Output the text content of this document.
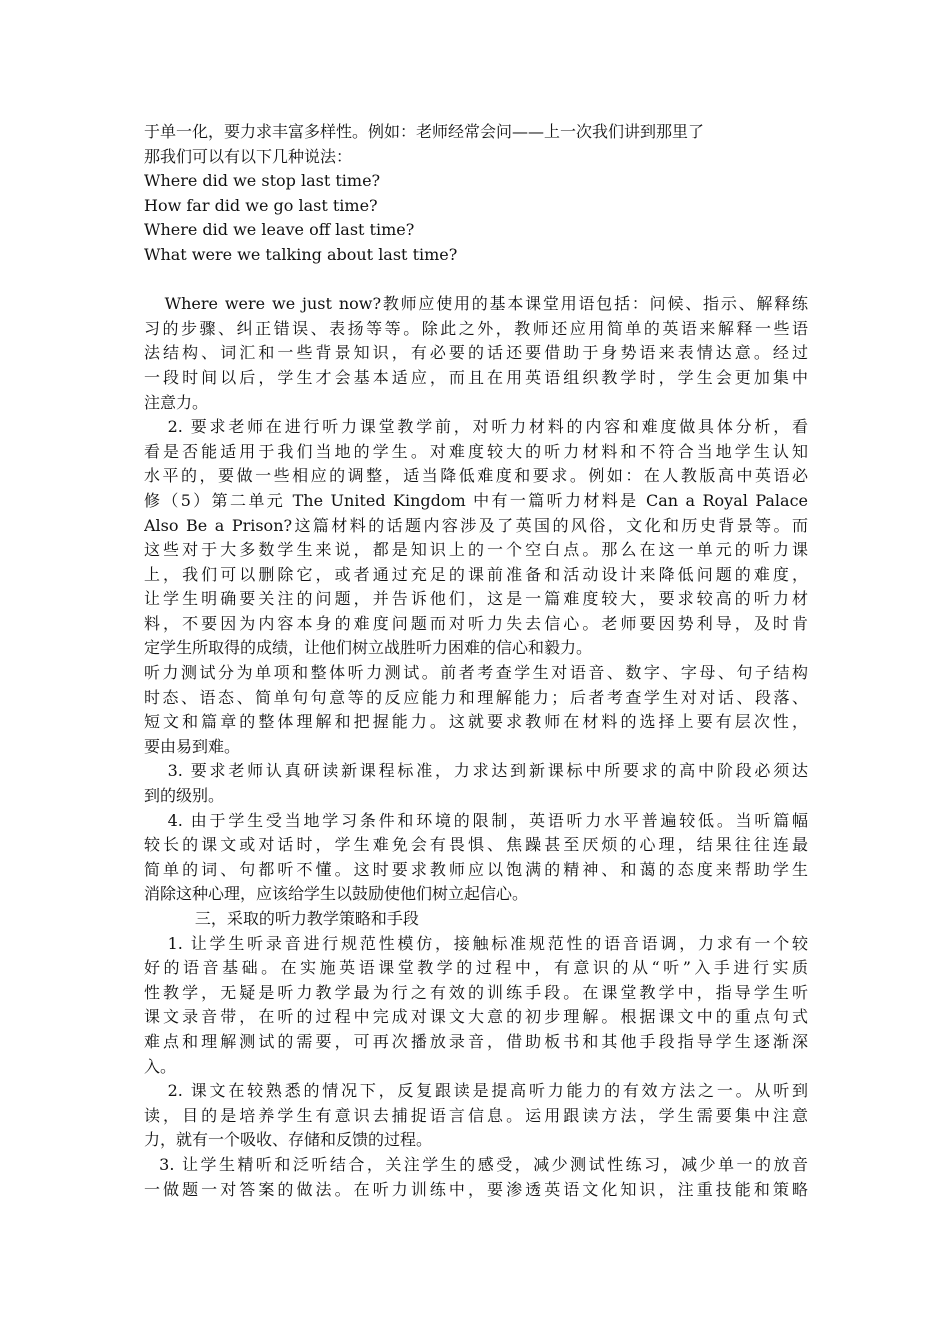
于单一化，要力求丰富多样性。例如：老师经常会问——上一次我们讲到那里了
那我们可以有以下几种说法：
Where did we stop last time?
How far did we go last time?
Where did we leave off last time?
What were we talking about last time?
Where were we just now?教师应使用的基本课堂用语包括：问候、指示、解释练
习的步骤、纠正错误、表扬等等。除此之外，教师还应用简单的英语来解释一些语
法结构、词汇和一些背景知识，有必要的话还要借助于身势语来表情达意。经过
一段时间以后，学生才会基本适应，而且在用英语组织教学时，学生会更加集中
注意力。
2. 要求老师在进行听力课堂教学前，对听力材料的内容和难度做具体分析，看
看是否能适用于我们当地的学生。对难度较大的听力材料和不符合当地学生认知
水平的，要做一些相应的调整，适当降低难度和要求。例如：在人教版高中英语必
修（5）第二单元 The United Kingdom 中有一篇听力材料是 Can a Royal Palace
Also Be a Prison?这篇材料的话题内容涉及了英国的风俗，文化和历史背景等。而
这些对于大多数学生来说，都是知识上的一个空白点。那么在这一单元的听力课
上，我们可以删除它，或者通过充足的课前准备和活动设计来降低问题的难度，
让学生明确要关注的问题，并告诉他们，这是一篇难度较大，要求较高的听力材
料，不要因为内容本身的难度问题而对听力失去信心。老师要因势利导，及时肯
定学生所取得的成绩，让他们树立战胜听力困难的信心和毅力。
听力测试分为单项和整体听力测试。前者考查学生对语音、数字、字母、句子结构
时态、语态、简单句句意等的反应能力和理解能力；后者考查学生对对话、段落、
短文和篇章的整体理解和把握能力。这就要求教师在材料的选择上要有层次性，
要由易到难。
3. 要求老师认真研读新课程标准，力求达到新课标中所要求的高中阶段必须达
到的级别。
4. 由于学生受当地学习条件和环境的限制，英语听力水平普遍较低。当听篇幅
较长的课文或对话时，学生难免会有畏惧、焦躁甚至厌烦的心理，结果往往连最
简单的词、句都听不懂。这时要求教师应以饱满的精神、和蔼的态度来帮助学生
消除这种心理，应该给学生以鼓励使他们树立起信心。
三，采取的听力教学策略和手段
1. 让学生听录音进行规范性模仿，接触标准规范性的语音语调，力求有一个较
好的语音基础。在实施英语课堂教学的过程中，有意识的从“听”入手进行实质
性教学，无疑是听力教学最为行之有效的训练手段。在课堂教学中，指导学生听
课文录音带，在听的过程中完成对课文大意的初步理解。根据课文中的重点句式
难点和理解测试的需要，可再次播放录音，借助板书和其他手段指导学生逐渐深
入。
2. 课文在较熟悉的情况下，反复跟读是提高听力能力的有效方法之一。从听到
读，目的是培养学生有意识去捕捉语言信息。运用跟读方法，学生需要集中注意
力，就有一个吸收、存储和反馈的过程。
3. 让学生精听和泛听结合，关注学生的感受，减少测试性练习，减少单一的放音
一做题一对答案的做法。在听力训练中，要渗透英语文化知识，注重技能和策略
